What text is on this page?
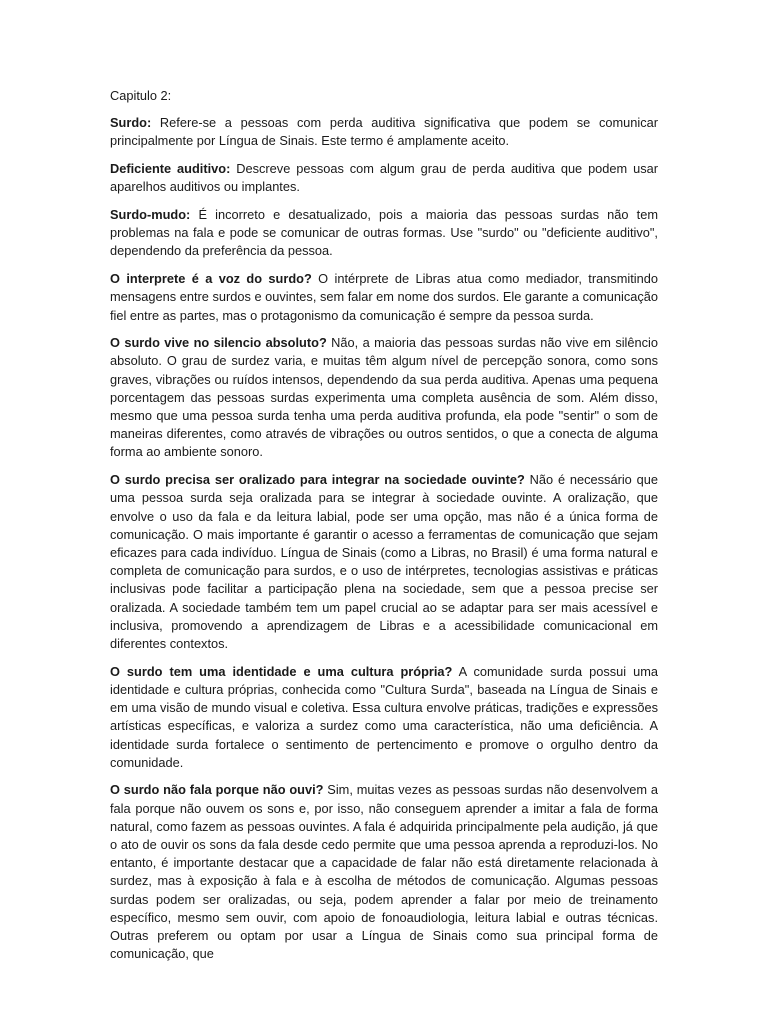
Capitulo 2:

Surdo: Refere-se a pessoas com perda auditiva significativa que podem se comunicar principalmente por Língua de Sinais. Este termo é amplamente aceito.

Deficiente auditivo: Descreve pessoas com algum grau de perda auditiva que podem usar aparelhos auditivos ou implantes.

Surdo-mudo: É incorreto e desatualizado, pois a maioria das pessoas surdas não tem problemas na fala e pode se comunicar de outras formas. Use "surdo" ou "deficiente auditivo", dependendo da preferência da pessoa.

O interprete é a voz do surdo? O intérprete de Libras atua como mediador, transmitindo mensagens entre surdos e ouvintes, sem falar em nome dos surdos. Ele garante a comunicação fiel entre as partes, mas o protagonismo da comunicação é sempre da pessoa surda.

O surdo vive no silencio absoluto? Não, a maioria das pessoas surdas não vive em silêncio absoluto. O grau de surdez varia, e muitas têm algum nível de percepção sonora, como sons graves, vibrações ou ruídos intensos, dependendo da sua perda auditiva. Apenas uma pequena porcentagem das pessoas surdas experimenta uma completa ausência de som. Além disso, mesmo que uma pessoa surda tenha uma perda auditiva profunda, ela pode "sentir" o som de maneiras diferentes, como através de vibrações ou outros sentidos, o que a conecta de alguma forma ao ambiente sonoro.

O surdo precisa ser oralizado para integrar na sociedade ouvinte? Não é necessário que uma pessoa surda seja oralizada para se integrar à sociedade ouvinte. A oralização, que envolve o uso da fala e da leitura labial, pode ser uma opção, mas não é a única forma de comunicação. O mais importante é garantir o acesso a ferramentas de comunicação que sejam eficazes para cada indivíduo. Língua de Sinais (como a Libras, no Brasil) é uma forma natural e completa de comunicação para surdos, e o uso de intérpretes, tecnologias assistivas e práticas inclusivas pode facilitar a participação plena na sociedade, sem que a pessoa precise ser oralizada. A sociedade também tem um papel crucial ao se adaptar para ser mais acessível e inclusiva, promovendo a aprendizagem de Libras e a acessibilidade comunicacional em diferentes contextos.

O surdo tem uma identidade e uma cultura própria? A comunidade surda possui uma identidade e cultura próprias, conhecida como "Cultura Surda", baseada na Língua de Sinais e em uma visão de mundo visual e coletiva. Essa cultura envolve práticas, tradições e expressões artísticas específicas, e valoriza a surdez como uma característica, não uma deficiência. A identidade surda fortalece o sentimento de pertencimento e promove o orgulho dentro da comunidade.

O surdo não fala porque não ouvi? Sim, muitas vezes as pessoas surdas não desenvolvem a fala porque não ouvem os sons e, por isso, não conseguem aprender a imitar a fala de forma natural, como fazem as pessoas ouvintes. A fala é adquirida principalmente pela audição, já que o ato de ouvir os sons da fala desde cedo permite que uma pessoa aprenda a reproduzi-los. No entanto, é importante destacar que a capacidade de falar não está diretamente relacionada à surdez, mas à exposição à fala e à escolha de métodos de comunicação. Algumas pessoas surdas podem ser oralizadas, ou seja, podem aprender a falar por meio de treinamento específico, mesmo sem ouvir, com apoio de fonoaudiologia, leitura labial e outras técnicas. Outras preferem ou optam por usar a Língua de Sinais como sua principal forma de comunicação, que
